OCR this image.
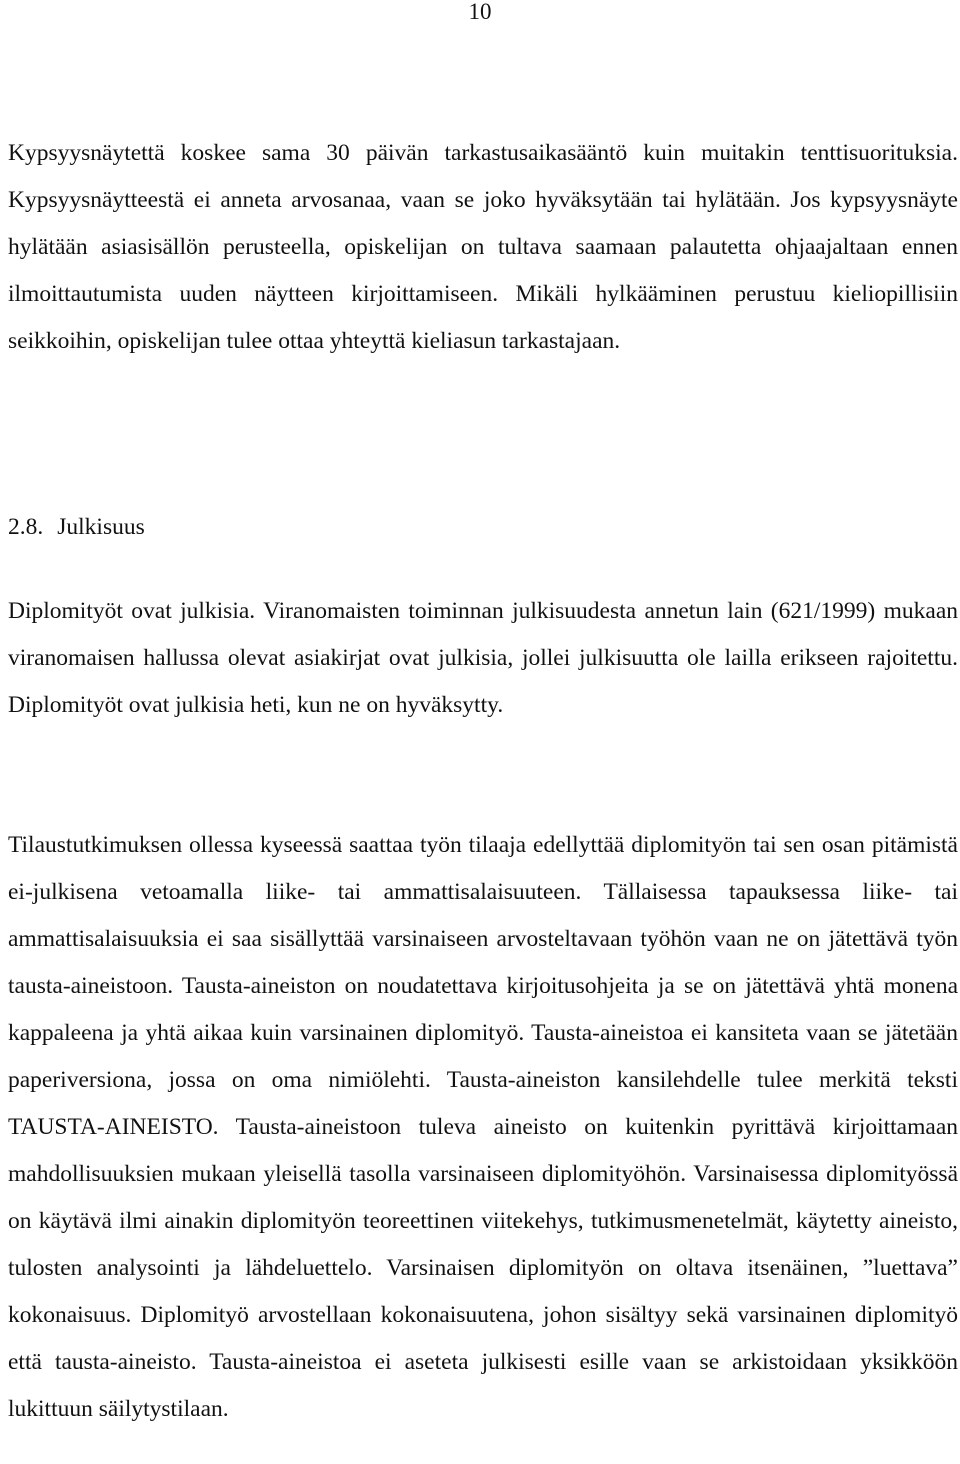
10

Kypsyysnäytettä koskee sama 30 päivän tarkastusaikasääntö kuin muitakin tenttisuorituksia. Kypsyysnäytteestä ei anneta arvosanaa, vaan se joko hyväksytään tai hylätään. Jos kypsyysnäyte hylätään asiasisällön perusteella, opiskelijan on tultava saamaan palautetta ohjaajaltaan ennen ilmoittautumista uuden näytteen kirjoittamiseen. Mikäli hylkääminen perustuu kieliopillisiin seikkoihin, opiskelijan tulee ottaa yhteyttä kieliasun tarkastajaan.

2.8. Julkisuus

Diplomityöt ovat julkisia. Viranomaisten toiminnan julkisuudesta annetun lain (621/1999) mukaan viranomaisen hallussa olevat asiakirjat ovat julkisia, jollei julkisuutta ole lailla erikseen rajoitettu. Diplomityöt ovat julkisia heti, kun ne on hyväksytty.

Tilaustutkimuksen ollessa kyseessä saattaa työn tilaaja edellyttää diplomityön tai sen osan pitämistä ei-julkisena vetoamalla liike- tai ammattisalaisuuteen. Tällaisessa tapauksessa liike- tai ammattisalaisuuksia ei saa sisällyttää varsinaiseen arvosteltavaan työhön vaan ne on jätettävä työn tausta-aineistoon. Tausta-aineiston on noudatettava kirjoitusohjeita ja se on jätettävä yhtä monena kappaleena ja yhtä aikaa kuin varsinainen diplomityö. Tausta-aineistoa ei kansiteta vaan se jätetään paperiversiona, jossa on oma nimiölehti. Tausta-aineiston kansilehdelle tulee merkitä teksti TAUSTA-AINEISTO. Tausta-aineistoon tuleva aineisto on kuitenkin pyrittävä kirjoittamaan mahdollisuuksien mukaan yleisellä tasolla varsinaiseen diplomityöhön. Varsinaisessa diplomityössä on käytävä ilmi ainakin diplomityön teoreettinen viitekehys, tutkimusmenetelmät, käytetty aineisto, tulosten analysointi ja lähdeluettelo. Varsinaisen diplomityön on oltava itsenäinen, ”luettava” kokonaisuus. Diplomityö arvostellaan kokonaisuutena, johon sisältyy sekä varsinainen diplomityö että tausta-aineisto. Tausta-aineistoa ei aseteta julkisesti esille vaan se arkistoidaan yksikköön lukittuun säilytystilaan.
